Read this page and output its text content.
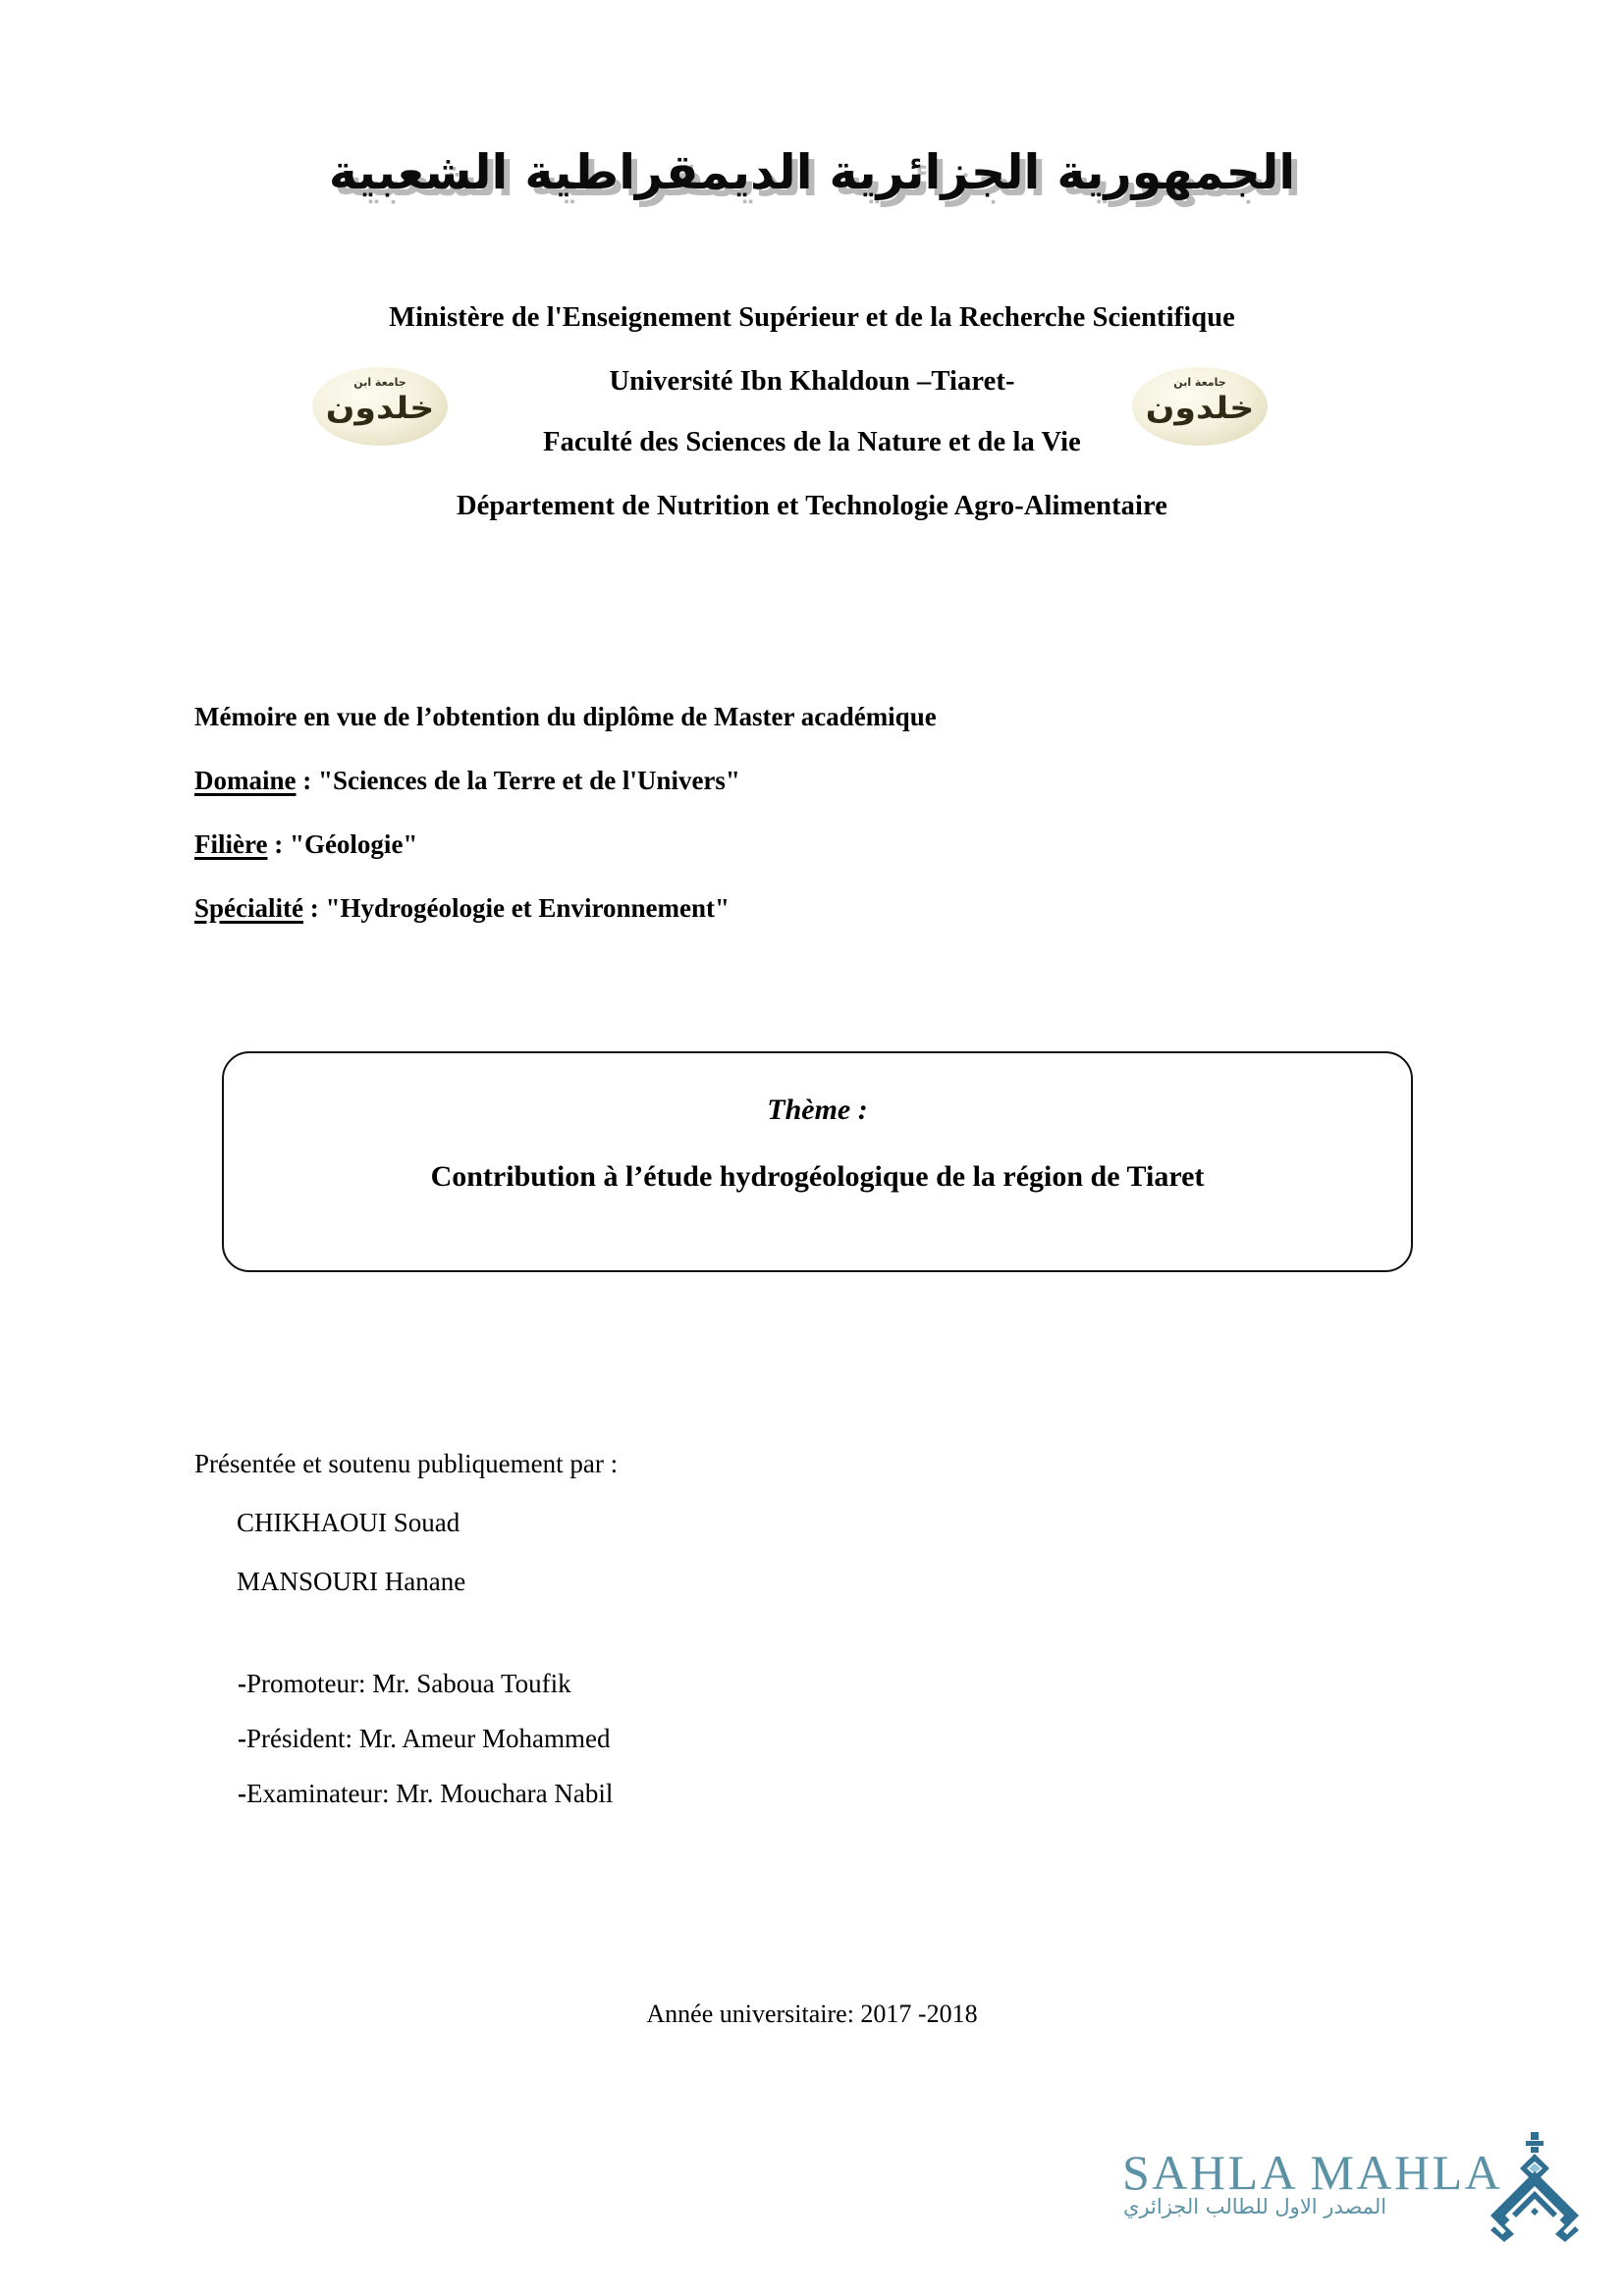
الجمهورية الجزائرية الديمقراطية الشعبية
Ministère de l'Enseignement Supérieur et de la Recherche Scientifique
Université Ibn Khaldoun –Tiaret-
Faculté des Sciences de la Nature et de la Vie
Département de Nutrition et Technologie Agro-Alimentaire
جامعة ابن
خلدون
جامعة ابن
خلدون
Mémoire en vue de l’obtention du diplôme de Master académique
Domaine : "Sciences de la Terre et de l'Univers"
Filière : "Géologie"
Spécialité : "Hydrogéologie et Environnement"
Thème :
Contribution à l’étude hydrogéologique de la région de Tiaret
Présentée et soutenu publiquement par :
CHIKHAOUI Souad
MANSOURI Hanane
-Promoteur: Mr. Saboua Toufik
-Président: Mr. Ameur Mohammed
-Examinateur: Mr. Mouchara Nabil
Année universitaire: 2017 -2018
SAHLA MAHLA
المصدر الاول للطالب الجزائري
